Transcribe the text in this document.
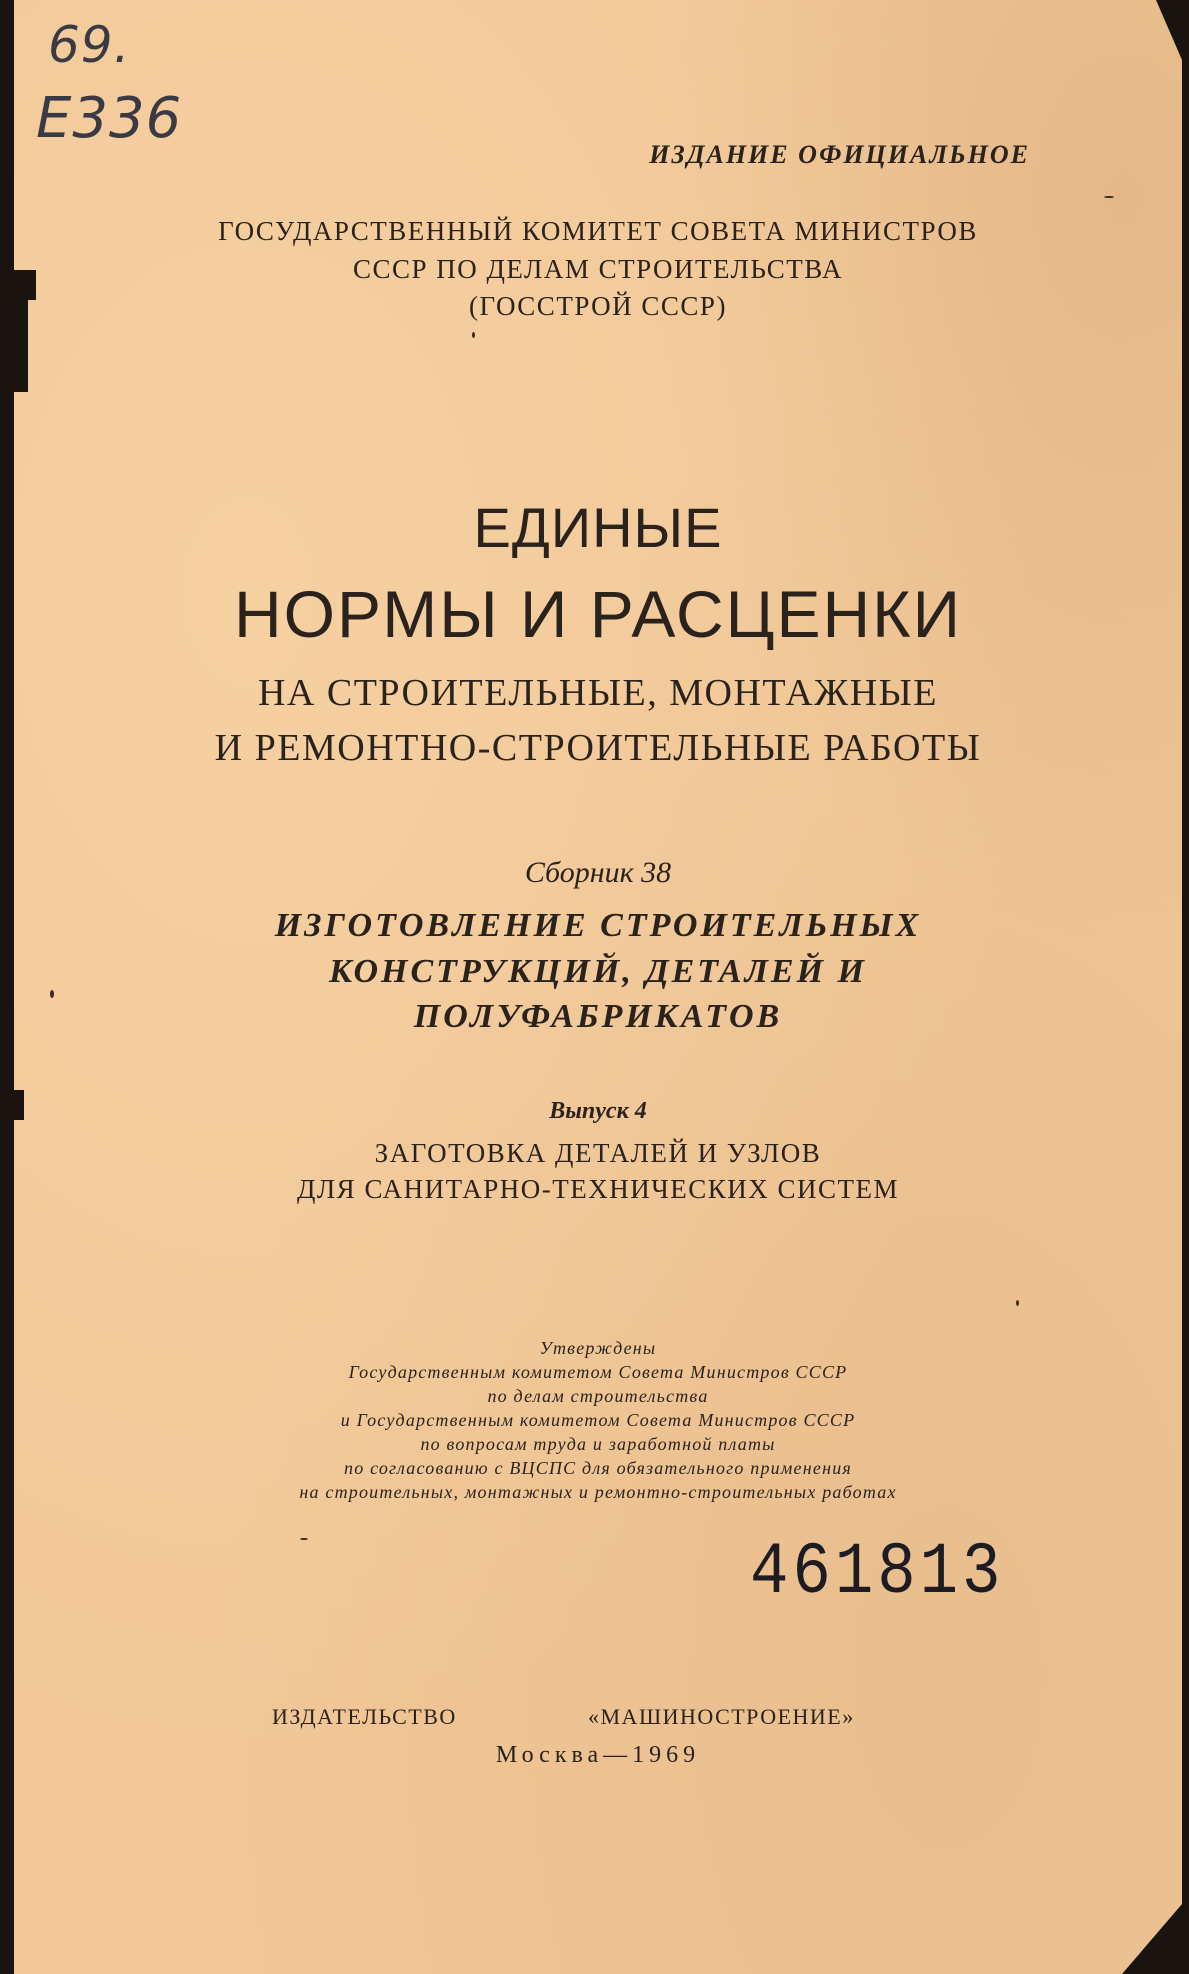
69.
Е336
ИЗДАНИЕ ОФИЦИАЛЬНОЕ
ГОСУДАРСТВЕННЫЙ КОМИТЕТ СОВЕТА МИНИСТРОВ
СССР ПО ДЕЛАМ СТРОИТЕЛЬСТВА
(ГОССТРОЙ СССР)
ЕДИНЫЕ
НОРМЫ И РАСЦЕНКИ
НА СТРОИТЕЛЬНЫЕ, МОНТАЖНЫЕ
И РЕМОНТНО-СТРОИТЕЛЬНЫЕ РАБОТЫ
Сборник 38
ИЗГОТОВЛЕНИЕ СТРОИТЕЛЬНЫХ
КОНСТРУКЦИЙ, ДЕТАЛЕЙ И
ПОЛУФАБРИКАТОВ
Выпуск 4
ЗАГОТОВКА ДЕТАЛЕЙ И УЗЛОВ
ДЛЯ САНИТАРНО-ТЕХНИЧЕСКИХ СИСТЕМ
Утверждены
Государственным комитетом Совета Министров СССР
по делам строительства
и Государственным комитетом Совета Министров СССР
по вопросам труда и заработной платы
по согласованию с ВЦСПС для обязательного применения
на строительных, монтажных и ремонтно-строительных работах
461813
ИЗДАТЕЛЬСТВО	«МАШИНОСТРОЕНИЕ»
Москва—1969
